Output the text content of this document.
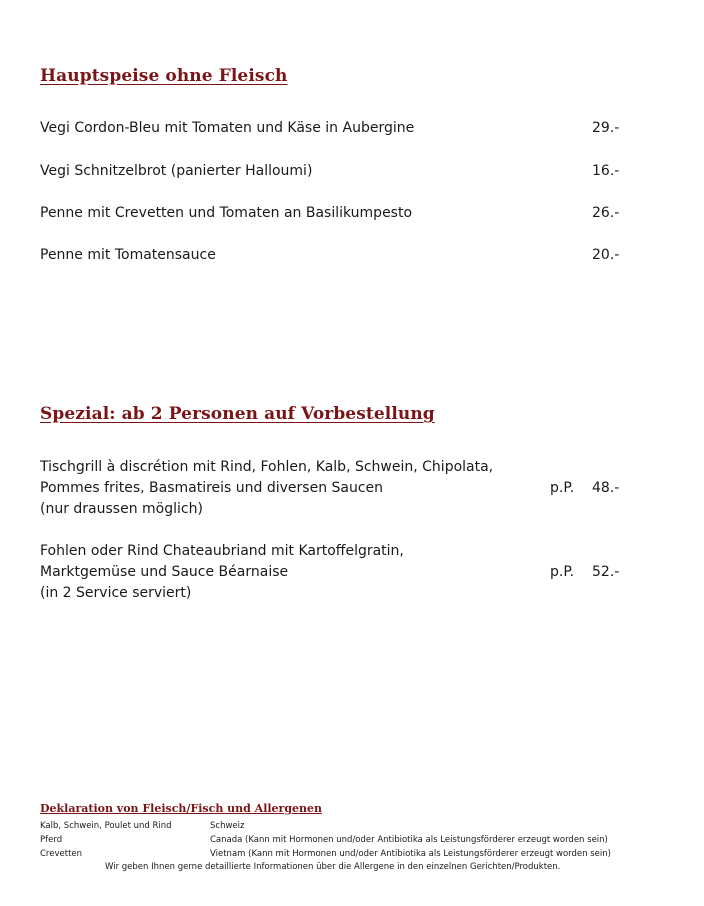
Hauptspeise ohne Fleisch
Vegi Cordon-Bleu mit Tomaten und Käse in Aubergine	29.-
Vegi Schnitzelbrot (panierter Halloumi)	16.-
Penne mit Crevetten und Tomaten an Basilikumpesto	26.-
Penne mit Tomatensauce	20.-
Spezial: ab 2 Personen auf Vorbestellung
Tischgrill à discrétion mit Rind, Fohlen, Kalb, Schwein, Chipolata,
Pommes frites, Basmatireis und diversen Saucen
(nur draussen möglich)
p.P. 48.-
Fohlen oder Rind Chateaubriand mit Kartoffelgratin,
Marktgemüse und Sauce Béarnaise
(in 2 Service serviert)
p.P. 52.-
Deklaration von Fleisch/Fisch und Allergenen
Kalb, Schwein, Poulet und Rind	Schweiz
Pferd	Canada (Kann mit Hormonen und/oder Antibiotika als Leistungsförderer erzeugt worden sein)
Crevetten	Vietnam (Kann mit Hormonen und/oder Antibiotika als Leistungsförderer erzeugt worden sein)
Wir geben Ihnen gerne detaillierte Informationen über die Allergene in den einzelnen Gerichten/Produkten.
